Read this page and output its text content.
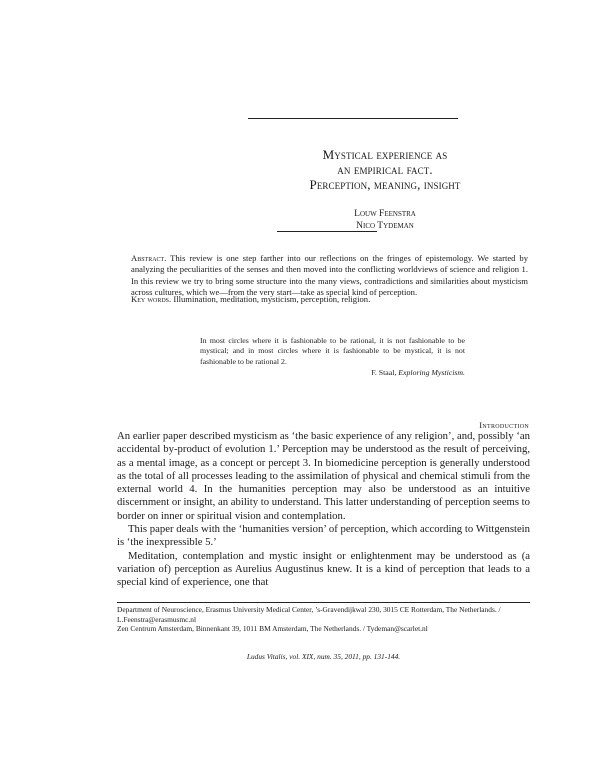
Mystical experience as
an empirical fact.
Perception, meaning, insight
Louw Feenstra
Nico Tydeman
Abstract. This review is one step farther into our reflections on the fringes of epistemology. We started by analyzing the peculiarities of the senses and then moved into the conflicting worldviews of science and religion 1. In this review we try to bring some structure into the many views, contradictions and similarities about mysticism across cultures, which we—from the very start—take as special kind of perception.
Key words. Illumination, meditation, mysticism, perception, religion.
In most circles where it is fashionable to be rational, it is not fashionable to be mystical; and in most circles where it is fashionable to be mystical, it is not fashionable to be rational 2.
F. Staal, Exploring Mysticism.
Introduction

An earlier paper described mysticism as ‘the basic experience of any religion’, and, possibly ‘an accidental by-product of evolution 1.’ Perception may be understood as the result of perceiving, as a mental image, as a concept or percept 3. In biomedicine perception is generally understood as the total of all processes leading to the assimilation of physical and chemical stimuli from the external world 4. In the humanities perception may also be understood as an intuitive discernment or insight, an ability to understand. This latter understanding of perception seems to border on inner or spiritual vision and contemplation.

This paper deals with the ‘humanities version’ of perception, which according to Wittgenstein is ‘the inexpressible 5.’

Meditation, contemplation and mystic insight or enlightenment may be understood as (a variation of) perception as Aurelius Augustinus knew. It is a kind of perception that leads to a special kind of experience, one that

Department of Neuroscience, Erasmus University Medical Center, ’s-Gravendijkwal 230, 3015 CE Rotterdam, The Netherlands. / L.Feenstra@erasmusmc.nl

Zen Centrum Amsterdam, Binnenkant 39, 1011 BM Amsterdam, The Netherlands. / Tydeman@scarlet.nl

Ludus Vitalis, vol. XIX, num. 35, 2011, pp. 131-144.
